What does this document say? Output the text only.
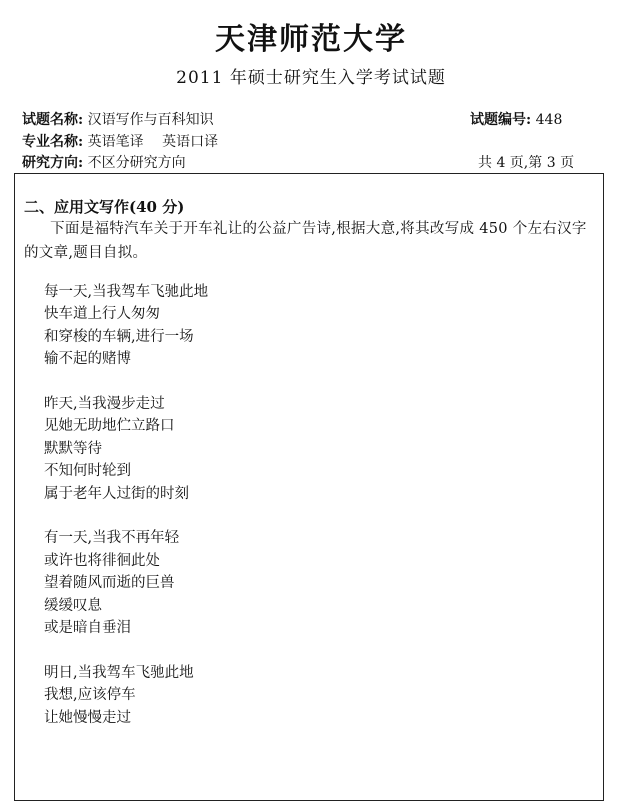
天津师范大学
2011 年硕士研究生入学考试试题
试题名称: 汉语写作与百科知识
专业名称: 英语笔译 英语口译
研究方向: 不区分研究方向
试题编号: 448
共 4 页,第 3 页
二、应用文写作(40 分)
下面是福特汽车关于开车礼让的公益广告诗,根据大意,将其改写成 450 个左右汉字的文章,题目自拟。
每一天,当我驾车飞驰此地
快车道上行人匆匆
和穿梭的车辆,进行一场
输不起的赌博
昨天,当我漫步走过
见她无助地伫立路口
默默等待
不知何时轮到
属于老年人过街的时刻
有一天,当我不再年轻
或许也将徘徊此处
望着随风而逝的巨兽
缓缓叹息
或是暗自垂泪
明日,当我驾车飞驰此地
我想,应该停车
让她慢慢走过
